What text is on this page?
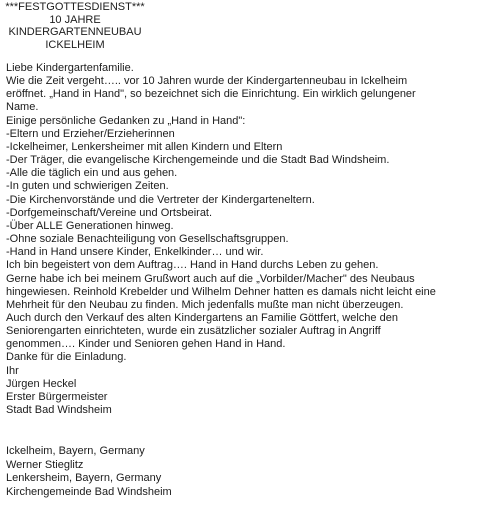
***FESTGOTTESDIENST***
10 JAHRE
KINDERGARTENNEUBAU
ICKELHEIM
Liebe Kindergartenfamilie.
Wie die Zeit vergeht….. vor 10 Jahren wurde der Kindergartenneubau in Ickelheim
eröffnet. „Hand in Hand", so bezeichnet sich die Einrichtung. Ein wirklich gelungener
Name.
Einige persönliche Gedanken zu „Hand in Hand":
-Eltern und Erzieher/Erzieherinnen
-Ickelheimer, Lenkersheimer mit allen Kindern und Eltern
-Der Träger, die evangelische Kirchengemeinde und die Stadt Bad Windsheim.
-Alle die täglich ein und aus gehen.
-In guten und schwierigen Zeiten.
-Die Kirchenvorstände und die Vertreter der Kindergarteneltern.
-Dorfgemeinschaft/Vereine und Ortsbeirat.
-Über ALLE Generationen hinweg.
-Ohne soziale Benachteiligung von Gesellschaftsgruppen.
-Hand in Hand unsere Kinder, Enkelkinder… und wir.
Ich bin begeistert von dem Auftrag…. Hand in Hand durchs Leben zu gehen.
Gerne habe ich bei meinem Grußwort auch auf die „Vorbilder/Macher" des Neubaus
hingewiesen. Reinhold Krebelder und Wilhelm Dehner hatten es damals nicht leicht eine
Mehrheit für den Neubau zu finden. Mich jedenfalls mußte man nicht überzeugen.
Auch durch den Verkauf des alten Kindergartens an Familie Göttfert, welche den
Seniorengarten einrichteten, wurde ein zusätzlicher sozialer Auftrag in Angriff
genommen…. Kinder und Senioren gehen Hand in Hand.
Danke für die Einladung.
Ihr
Jürgen Heckel
Erster Bürgermeister
Stadt Bad Windsheim
Ickelheim, Bayern, Germany
Werner Stieglitz
Lenkersheim, Bayern, Germany
Kirchengemeinde Bad Windsheim
